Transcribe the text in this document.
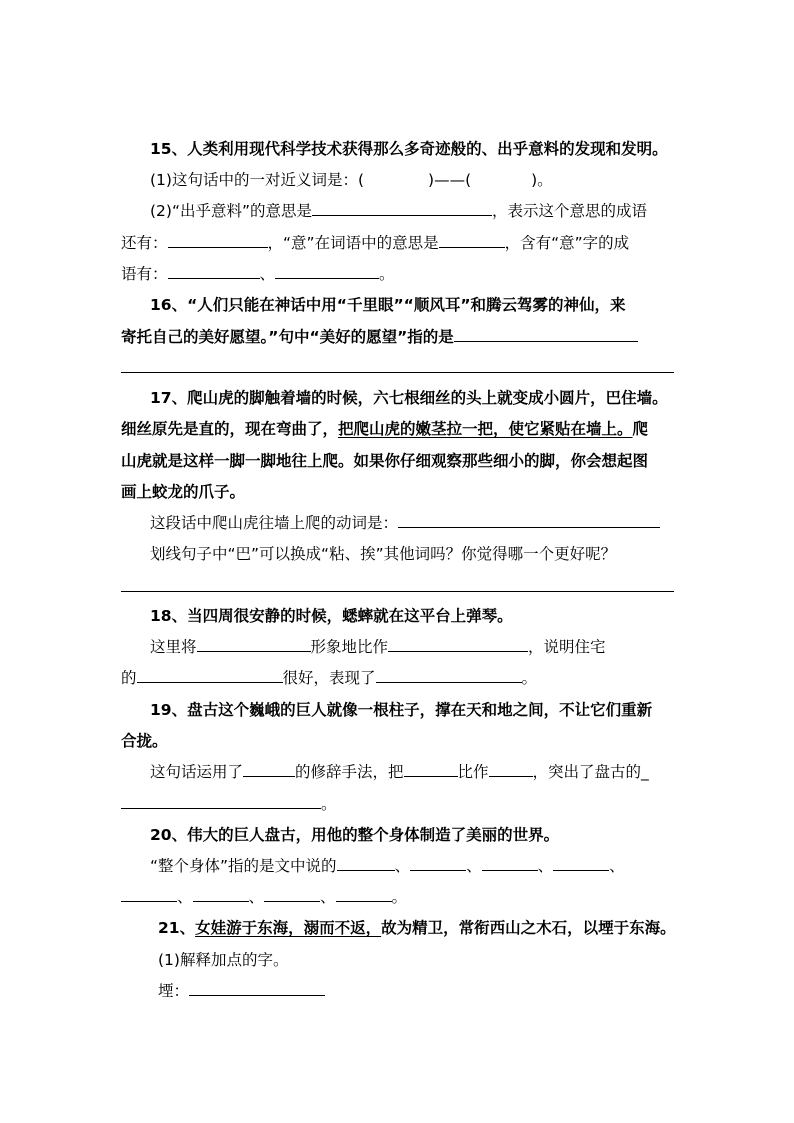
15、人类利用现代科学技术获得那么多奇迹般的、出乎意料的发现和发明。
(1)这句话中的一对近义词是：(	)——(	)。
(2)“出乎意料”的意思是	，表示这个意思的成语
还有：	，“意”在词语中的意思是	，含有“意”字的成
语有：	、	。
16、“人们只能在神话中用“千里眼”“顺风耳”和腾云驾雾的神仙，来
寄托自己的美好愿望。”句中“美好的愿望”指的是
17、爬山虎的脚触着墙的时候，六七根细丝的头上就变成小圆片，巴住墙。
细丝原先是直的，现在弯曲了，把爬山虎的嫩茎拉一把，使它紧贴在墙上。爬
山虎就是这样一脚一脚地往上爬。如果你仔细观察那些细小的脚，你会想起图
画上蛟龙的爪子。
这段话中爬山虎往墙上爬的动词是：
划线句子中“巴”可以换成“粘、挨”其他词吗？你觉得哪一个更好呢？
18、当四周很安静的时候，蟋蟀就在这平台上弹琴。
这里将	形象地比作	，说明住宅
的	很好，表现了	。
19、盘古这个巍峨的巨人就像一根柱子，撑在天和地之间，不让它们重新
合拢。
这句话运用了	的修辞手法，把	比作	，突出了盘古的_
。
20、伟大的巨人盘古，用他的整个身体制造了美丽的世界。
“整个身体”指的是文中说的	、	、	、	、
、	、	、	。
21、女娃游于东海，溺而不返，故为精卫，常衔西山之木石，以堙于东海。
(1)解释加点的字。
堙：
